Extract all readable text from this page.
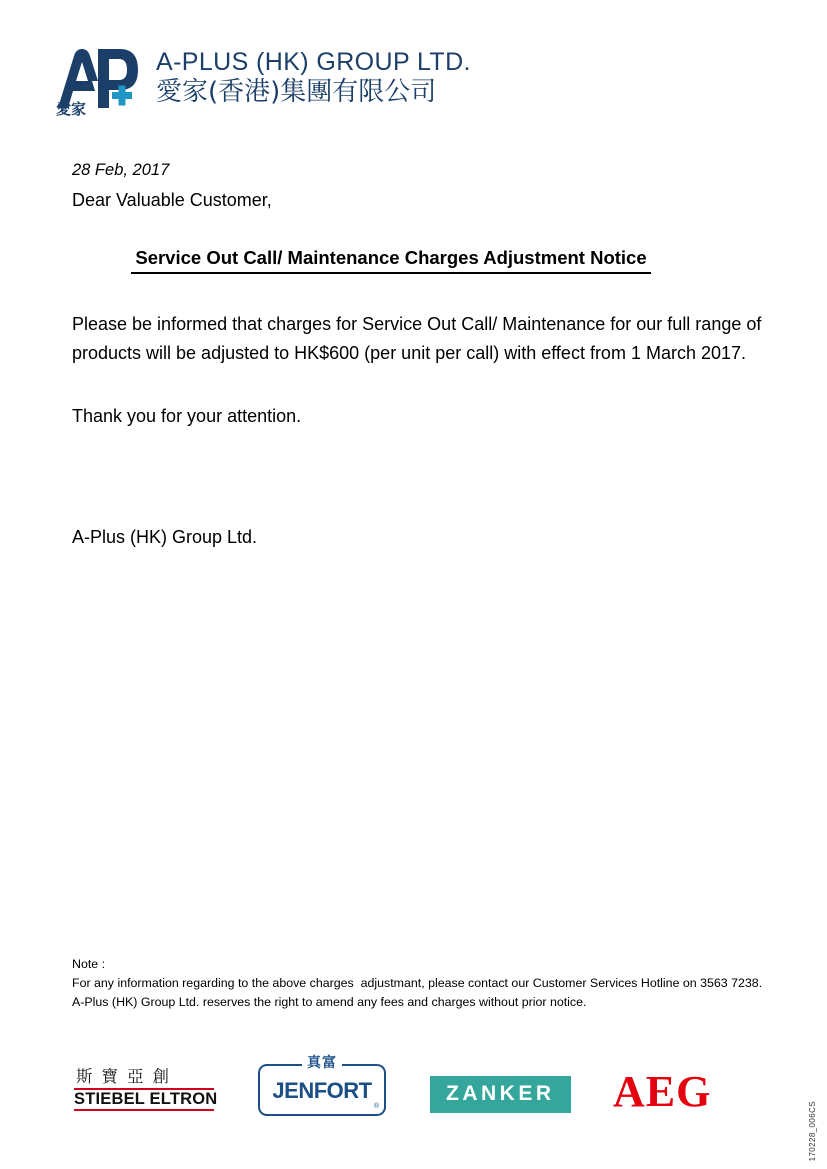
愛家
A-PLUS (HK) GROUP LTD.
愛家(香港)集團有限公司

28 Feb, 2017

Dear Valuable Customer,

Service Out Call/ Maintenance Charges Adjustment Notice

Please be informed that charges for Service Out Call/ Maintenance for our full range of products will be adjusted to HK$600 (per unit per call) with effect from 1 March 2017.

Thank you for your attention.

A-Plus (HK) Group Ltd.

Note :
For any information regarding to the above charges  adjustmant, please contact our Customer Services Hotline on 3563 7238.
A-Plus (HK) Group Ltd. reserves the right to amend any fees and charges without prior notice.
斯寶亞創
STIEBEL ELTRON
真富
JENFORT
®
ZANKER	AEG
170228_006CS
